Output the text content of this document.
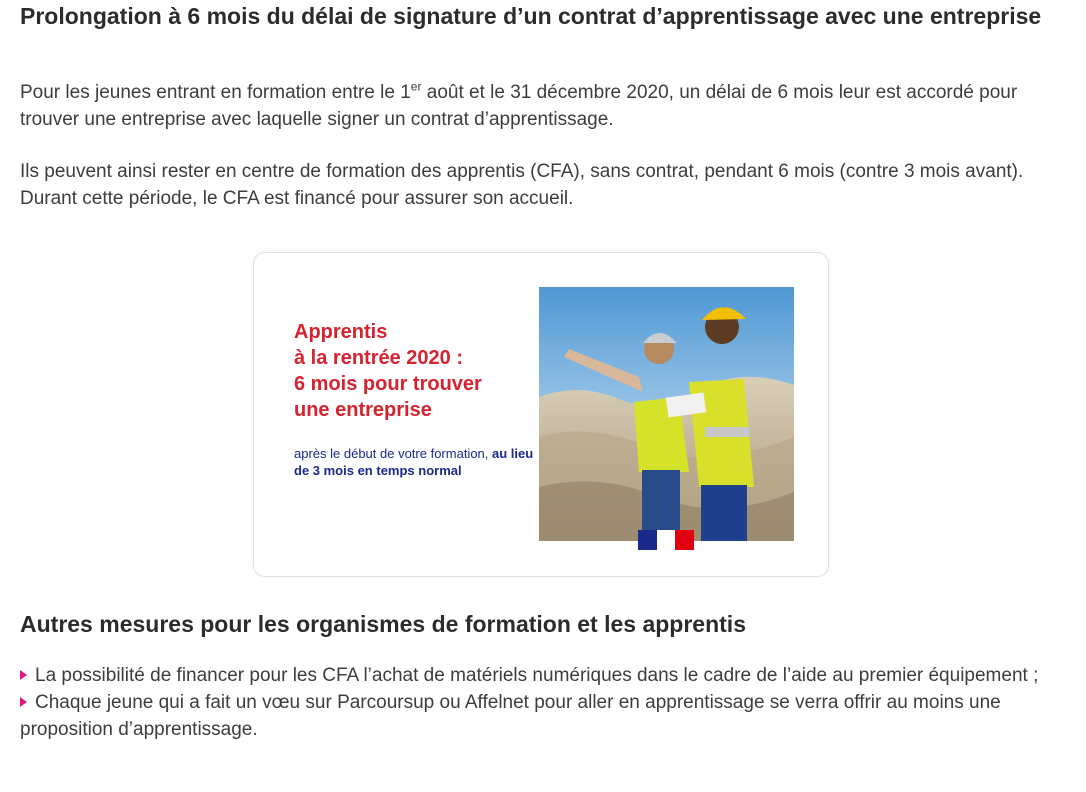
Prolongation à 6 mois du délai de signature d’un contrat d’apprentissage avec une entreprise

Pour les jeunes entrant en formation entre le 1er août et le 31 décembre 2020, un délai de 6 mois leur est accordé pour trouver une entreprise avec laquelle signer un contrat d’apprentissage.

Ils peuvent ainsi rester en centre de formation des apprentis (CFA), sans contrat, pendant 6 mois (contre 3 mois avant). Durant cette période, le CFA est financé pour assurer son accueil.

Apprentis
à la rentrée 2020 :
6 mois pour trouver
une entreprise

après le début de votre formation, au lieu de 3 mois en temps normal

Autres mesures pour les organismes de formation et les apprentis
La possibilité de financer pour les CFA l’achat de matériels numériques dans le cadre de l’aide au premier équipement ;
Chaque jeune qui a fait un vœu sur Parcoursup ou Affelnet pour aller en apprentissage se verra offrir au moins une proposition d’apprentissage.
